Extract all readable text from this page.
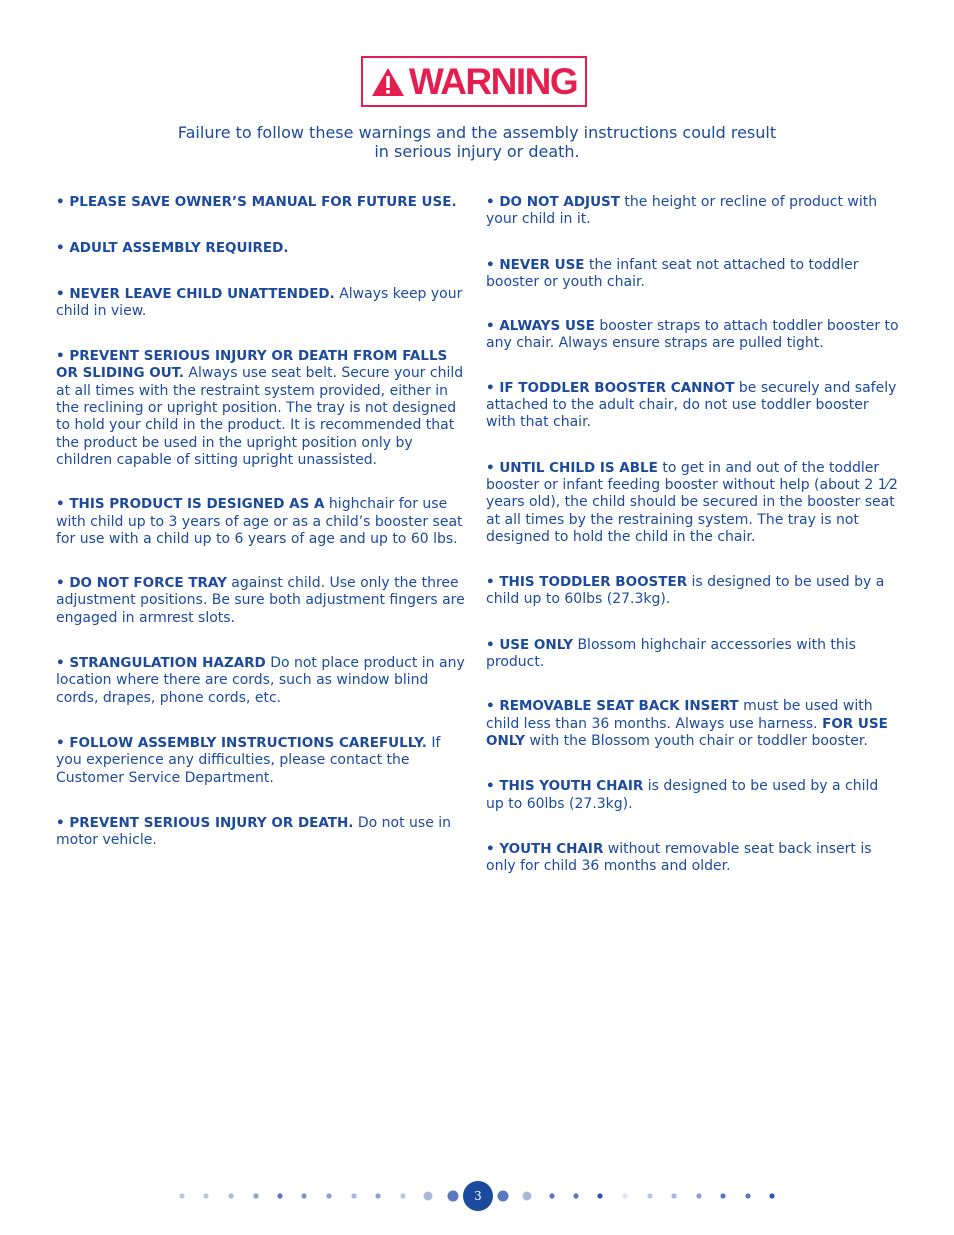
WARNING
Failure to follow these warnings and the assembly instructions could result
in serious injury or death.

• PLEASE SAVE OWNER’S MANUAL FOR FUTURE USE.

• ADULT ASSEMBLY REQUIRED.

• NEVER LEAVE CHILD UNATTENDED. Always keep your child in view.

• PREVENT SERIOUS INJURY OR DEATH FROM FALLS OR SLIDING OUT. Always use seat belt. Secure your child at all times with the restraint system provided, either in the reclining or upright position. The tray is not designed to hold your child in the product. It is recommended that the product be used in the upright position only by children capable of sitting upright unassisted.

• THIS PRODUCT IS DESIGNED AS A highchair for use with child up to 3 years of age or as a child’s booster seat for use with a child up to 6 years of age and up to 60 lbs.

• DO NOT FORCE TRAY against child. Use only the three adjustment positions. Be sure both adjustment fingers are engaged in armrest slots.

• STRANGULATION HAZARD Do not place product in any location where there are cords, such as window blind cords, drapes, phone cords, etc.

• FOLLOW ASSEMBLY INSTRUCTIONS CAREFULLY. If you experience any difficulties, please contact the Customer Service Department.

• PREVENT SERIOUS INJURY OR DEATH. Do not use in motor vehicle.

• DO NOT ADJUST the height or recline of product with your child in it.

• NEVER USE the infant seat not attached to toddler booster or youth chair.

• ALWAYS USE booster straps to attach toddler booster to any chair. Always ensure straps are pulled tight.

• IF TODDLER BOOSTER CANNOT be securely and safely attached to the adult chair, do not use toddler booster with that chair.

• UNTIL CHILD IS ABLE to get in and out of the toddler booster or infant feeding booster without help (about 2 1⁄2 years old), the child should be secured in the booster seat at all times by the restraining system. The tray is not designed to hold the child in the chair.

• THIS TODDLER BOOSTER is designed to be used by a child up to 60lbs (27.3kg).

• USE ONLY Blossom highchair accessories with this product.

• REMOVABLE SEAT BACK INSERT must be used with child less than 36 months. Always use harness. FOR USE ONLY with the Blossom youth chair or toddler booster.

• THIS YOUTH CHAIR is designed to be used by a child up to 60lbs (27.3kg).

• YOUTH CHAIR without removable seat back insert is only for child 36 months and older.

3
